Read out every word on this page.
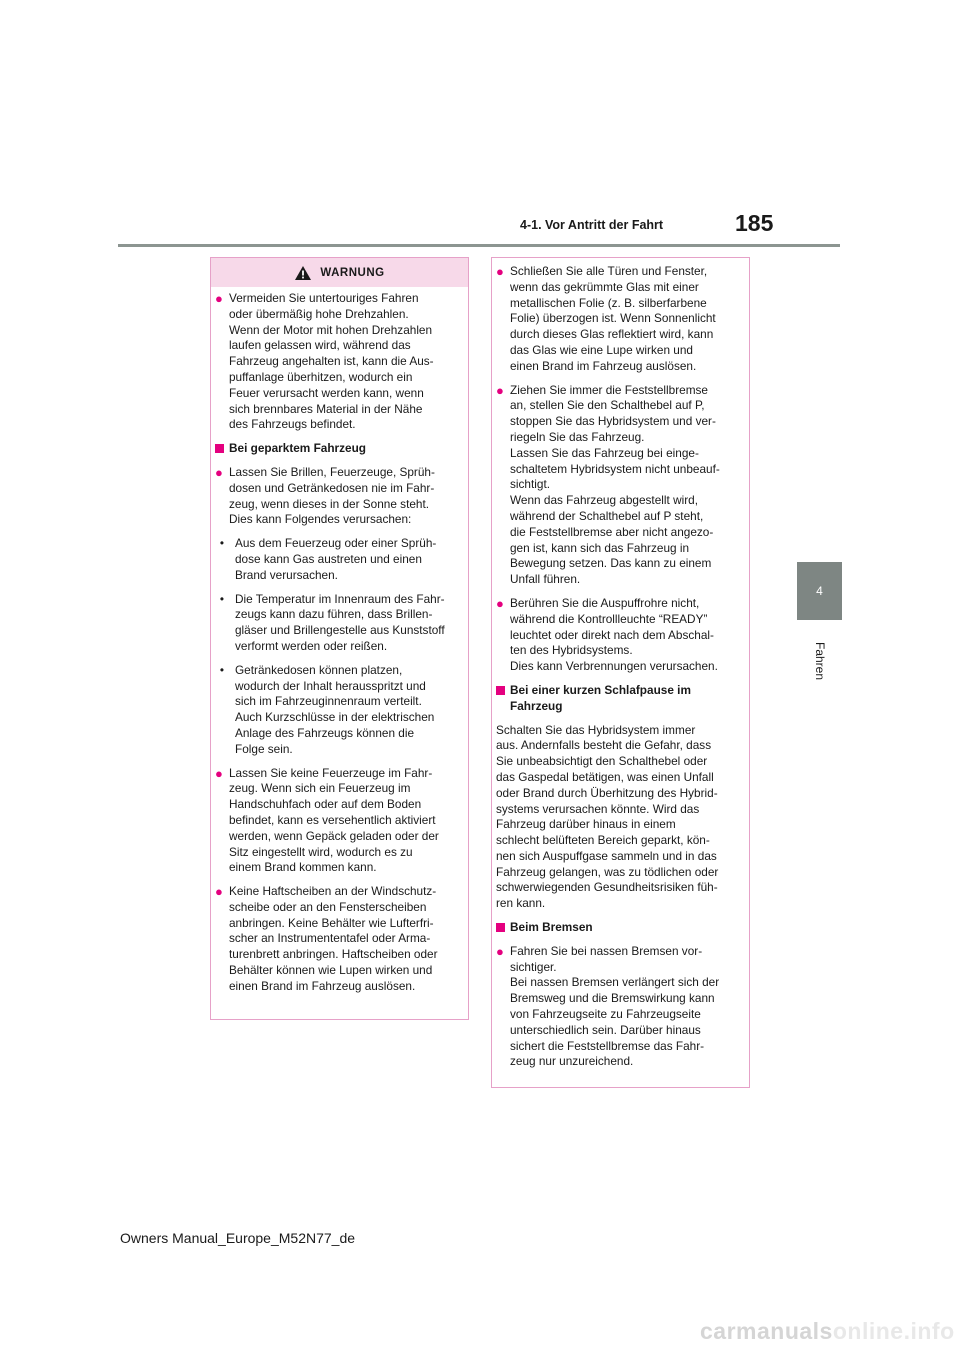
4-1. Vor Antritt der Fahrt	185
4
Fahren
WARNUNG
● Vermeiden Sie untertouriges Fahren
oder übermäßig hohe Drehzahlen.
Wenn der Motor mit hohen Drehzahlen
laufen gelassen wird, während das
Fahrzeug angehalten ist, kann die Aus-
puffanlage überhitzen, wodurch ein
Feuer verursacht werden kann, wenn
sich brennbares Material in der Nähe
des Fahrzeugs befindet.
Bei geparktem Fahrzeug
● Lassen Sie Brillen, Feuerzeuge, Sprüh-
dosen und Getränkedosen nie im Fahr-
zeug, wenn dieses in der Sonne steht.
Dies kann Folgendes verursachen:
• Aus dem Feuerzeug oder einer Sprüh-
dose kann Gas austreten und einen
Brand verursachen.
• Die Temperatur im Innenraum des Fahr-
zeugs kann dazu führen, dass Brillen-
gläser und Brillengestelle aus Kunststoff
verformt werden oder reißen.
• Getränkedosen können platzen,
wodurch der Inhalt herausspritzt und
sich im Fahrzeuginnenraum verteilt.
Auch Kurzschlüsse in der elektrischen
Anlage des Fahrzeugs können die
Folge sein.
● Lassen Sie keine Feuerzeuge im Fahr-
zeug. Wenn sich ein Feuerzeug im
Handschuhfach oder auf dem Boden
befindet, kann es versehentlich aktiviert
werden, wenn Gepäck geladen oder der
Sitz eingestellt wird, wodurch es zu
einem Brand kommen kann.
● Keine Haftscheiben an der Windschutz-
scheibe oder an den Fensterscheiben
anbringen. Keine Behälter wie Lufterfri-
scher an Instrumententafel oder Arma-
turenbrett anbringen. Haftscheiben oder
Behälter können wie Lupen wirken und
einen Brand im Fahrzeug auslösen.
● Schließen Sie alle Türen und Fenster,
wenn das gekrümmte Glas mit einer
metallischen Folie (z. B. silberfarbene
Folie) überzogen ist. Wenn Sonnenlicht
durch dieses Glas reflektiert wird, kann
das Glas wie eine Lupe wirken und
einen Brand im Fahrzeug auslösen.
● Ziehen Sie immer die Feststellbremse
an, stellen Sie den Schalthebel auf P,
stoppen Sie das Hybridsystem und ver-
riegeln Sie das Fahrzeug.
Lassen Sie das Fahrzeug bei einge-
schaltetem Hybridsystem nicht unbeauf-
sichtigt.
Wenn das Fahrzeug abgestellt wird,
während der Schalthebel auf P steht,
die Feststellbremse aber nicht angezo-
gen ist, kann sich das Fahrzeug in
Bewegung setzen. Das kann zu einem
Unfall führen.
● Berühren Sie die Auspuffrohre nicht,
während die Kontrollleuchte “READY”
leuchtet oder direkt nach dem Abschal-
ten des Hybridsystems.
Dies kann Verbrennungen verursachen.
Bei einer kurzen Schlafpause im
Fahrzeug
Schalten Sie das Hybridsystem immer
aus. Andernfalls besteht die Gefahr, dass
Sie unbeabsichtigt den Schalthebel oder
das Gaspedal betätigen, was einen Unfall
oder Brand durch Überhitzung des Hybrid-
systems verursachen könnte. Wird das
Fahrzeug darüber hinaus in einem
schlecht belüfteten Bereich geparkt, kön-
nen sich Auspuffgase sammeln und in das
Fahrzeug gelangen, was zu tödlichen oder
schwerwiegenden Gesundheitsrisiken füh-
ren kann.
Beim Bremsen
● Fahren Sie bei nassen Bremsen vor-
sichtiger.
Bei nassen Bremsen verlängert sich der
Bremsweg und die Bremswirkung kann
von Fahrzeugseite zu Fahrzeugseite
unterschiedlich sein. Darüber hinaus
sichert die Feststellbremse das Fahr-
zeug nur unzureichend.
Owners Manual_Europe_M52N77_de
carmanualsonline.info
